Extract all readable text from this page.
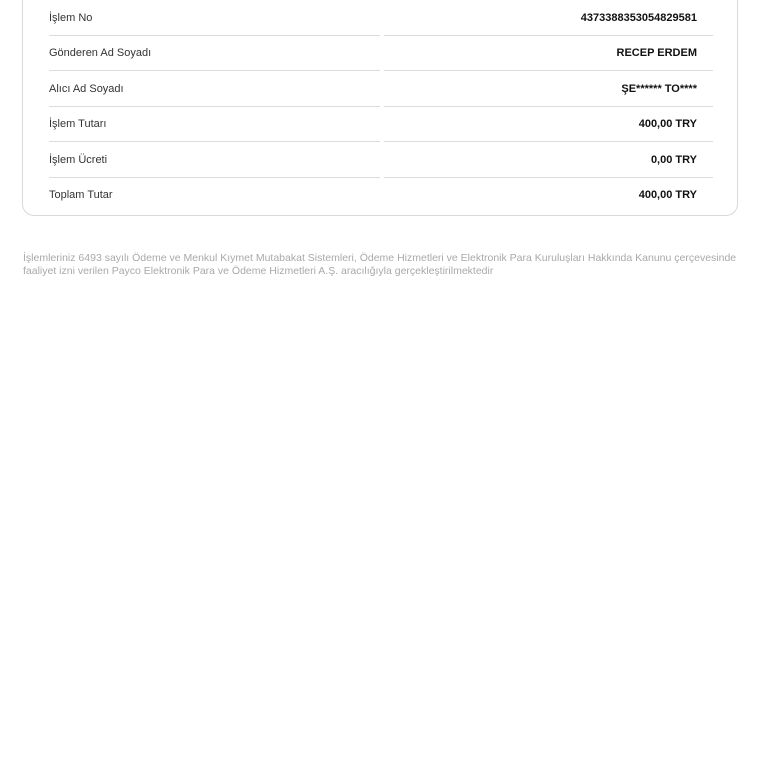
İşlem No	4373388353054829581
Gönderen Ad Soyadı	RECEP ERDEM
Alıcı Ad Soyadı	ŞE****** TO****
İşlem Tutarı	400,00 TRY
İşlem Ücreti	0,00 TRY
Toplam Tutar	400,00 TRY
İşlemleriniz 6493 sayılı Ödeme ve Menkul Kıymet Mutabakat Sistemleri, Ödeme Hizmetleri ve Elektronik Para Kuruluşları Hakkında Kanunu çerçevesinde faaliyet izni verilen Payco Elektronik Para ve Ödeme Hizmetleri A.Ş. aracılığıyla gerçekleştirilmektedir
